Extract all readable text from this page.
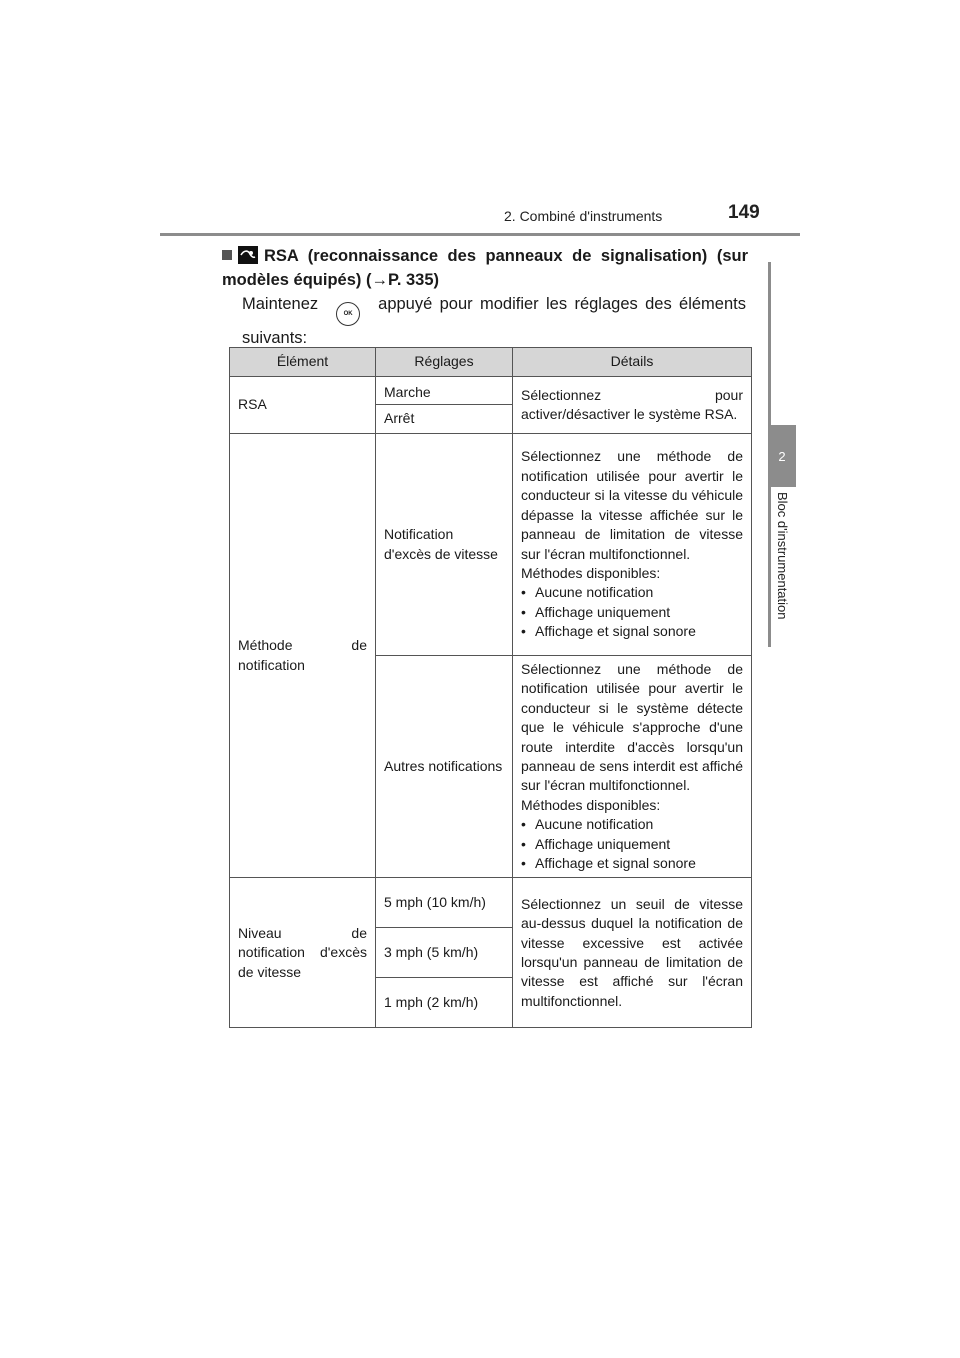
2. Combiné d'instruments	149
2
Bloc d'instrumentation
RSA (reconnaissance des panneaux de signalisation) (sur modèles équipés) (→P. 335)
MaintenezOKappuyé pour modifier les réglages des éléments suivants:
Élément	Réglages	Détails
RSA	Marche	Sélectionnez pour activer/désactiver le système RSA.
	Arrêt	
Méthode de notification	Notification d'excès de vitesse	Sélectionnez une méthode de notification utilisée pour avertir le conducteur si la vitesse du véhicule dépasse la vitesse affichée sur le panneau de limitation de vitesse sur l'écran multifonctionnel.
Méthodes disponibles:
• Aucune notification
• Affichage uniquement
• Affichage et signal sonore

	Autres notifications	Sélectionnez une méthode de notification utilisée pour avertir le conducteur si le système détecte que le véhicule s'approche d'une route interdite d'accès lorsqu'un panneau de sens interdit est affiché sur l'écran multifonctionnel.
Méthodes disponibles:
• Aucune notification
• Affichage uniquement
• Affichage et signal sonore

Niveau de notification d'excès de vitesse	5 mph (10 km/h)	Sélectionnez un seuil de vitesse au-dessus duquel la notification de vitesse excessive est activée lorsqu'un panneau de limitation de vitesse est affiché sur l'écran multifonctionnel.
	3 mph (5 km/h)	
	1 mph (2 km/h)	
